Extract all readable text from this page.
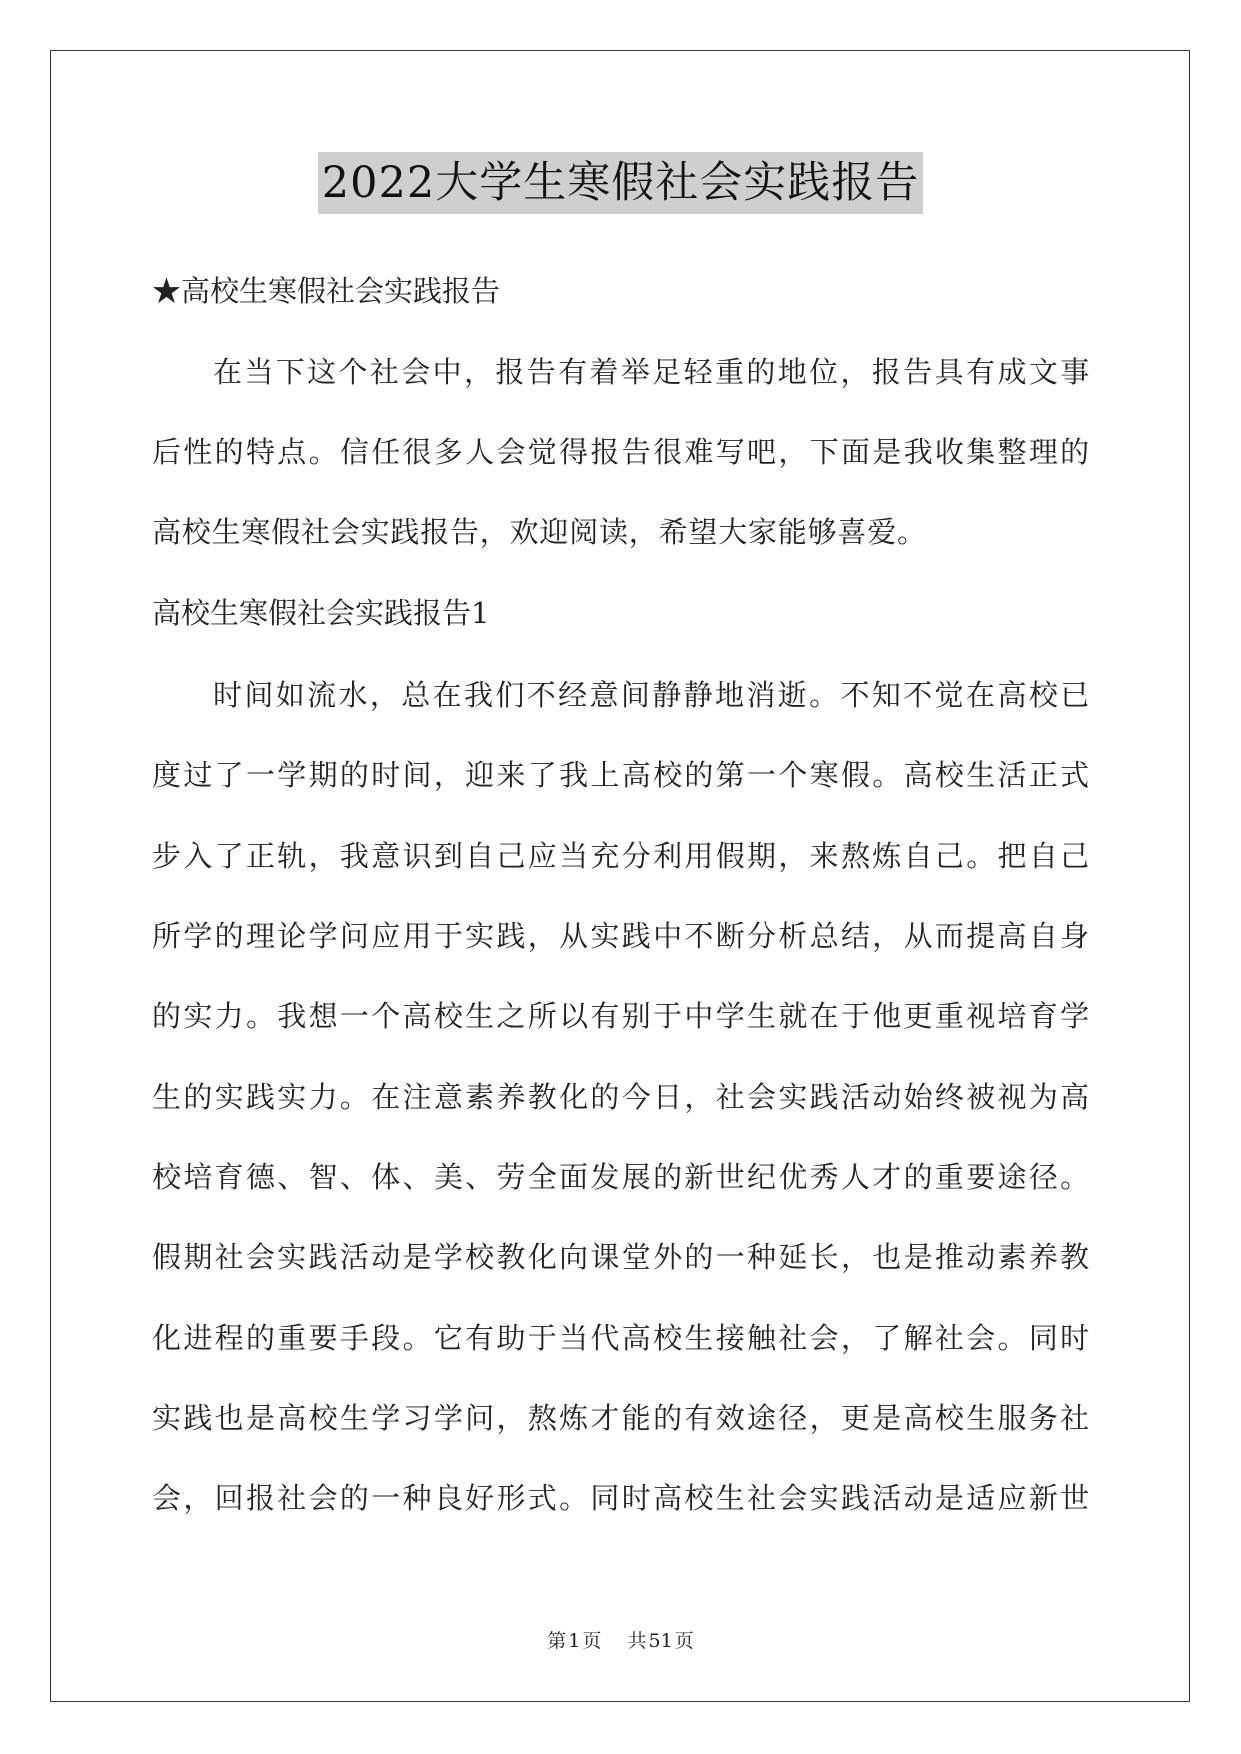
2022大学生寒假社会实践报告
★高校生寒假社会实践报告
在当下这个社会中，报告有着举足轻重的地位，报告具有成文事
后性的特点。信任很多人会觉得报告很难写吧，下面是我收集整理的
高校生寒假社会实践报告，欢迎阅读，希望大家能够喜爱。
高校生寒假社会实践报告1
时间如流水，总在我们不经意间静静地消逝。不知不觉在高校已
度过了一学期的时间，迎来了我上高校的第一个寒假。高校生活正式
步入了正轨，我意识到自己应当充分利用假期，来熬炼自己。把自己
所学的理论学问应用于实践，从实践中不断分析总结，从而提高自身
的实力。我想一个高校生之所以有别于中学生就在于他更重视培育学
生的实践实力。在注意素养教化的今日，社会实践活动始终被视为高
校培育德、智、体、美、劳全面发展的新世纪优秀人才的重要途径。
假期社会实践活动是学校教化向课堂外的一种延长，也是推动素养教
化进程的重要手段。它有助于当代高校生接触社会，了解社会。同时
实践也是高校生学习学问，熬炼才能的有效途径，更是高校生服务社
会，回报社会的一种良好形式。同时高校生社会实践活动是适应新世
第 1 页 共 51 页
